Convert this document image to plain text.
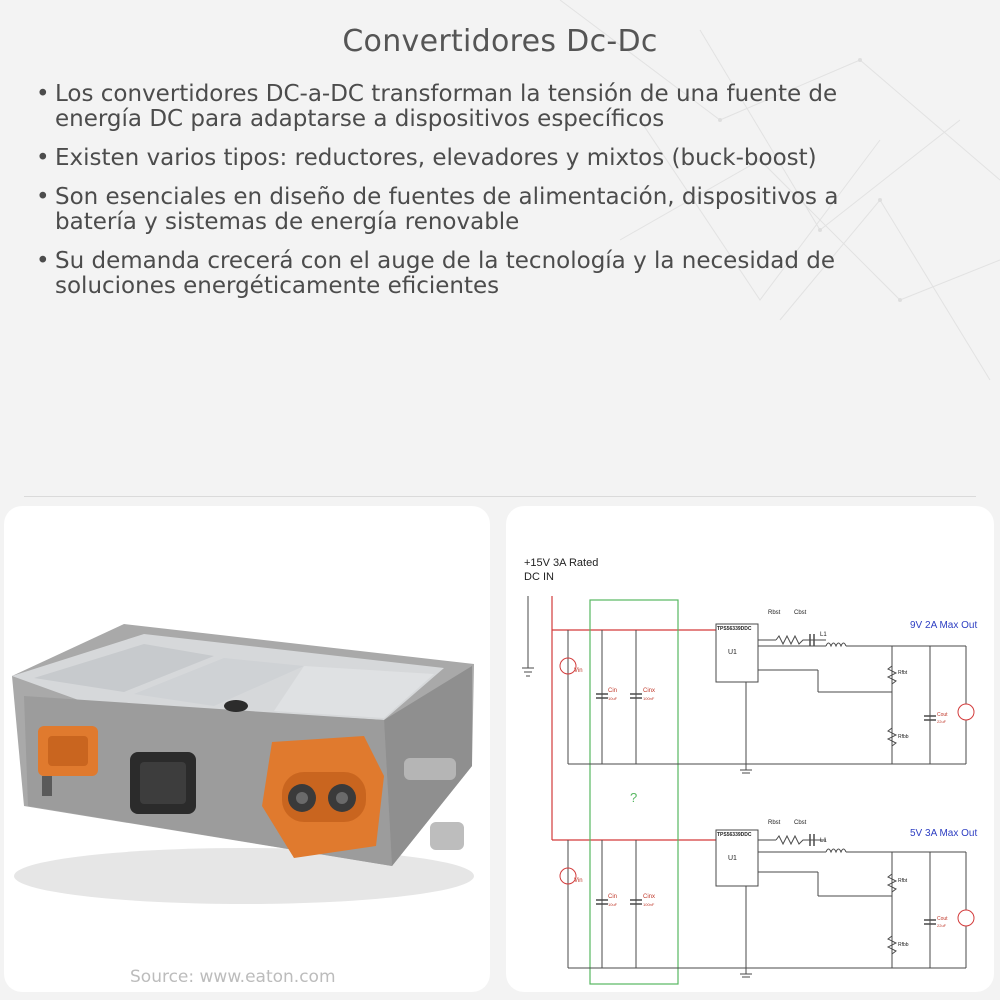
Convertidores Dc-Dc
• Los convertidores DC-a-DC transforman la tensión de una fuente de
energía DC para adaptarse a dispositivos específicos
• Existen varios tipos: reductores, elevadores y mixtos (buck-boost)
• Son esenciales en diseño de fuentes de alimentación, dispositivos a
batería y sistemas de energía renovable
• Su demanda crecerá con el auge de la tecnología y la necesidad de
soluciones energéticamente eficientes
Source: www.eaton.com
+15V 3A Rated
DC IN
?
Vin
Cin
10uF
Cinx
100nF
TPS56339DDC
U1
Rbst Cbst
L1
Rfbt
Rfbb
Cout
22uF
9V 2A Max Out
Vin
Cin
10uF
Cinx
100nF
TPS56339DDC
U1
Rbst Cbst
L1
Rfbt
Rfbb
Cout
22uF
5V 3A Max Out
